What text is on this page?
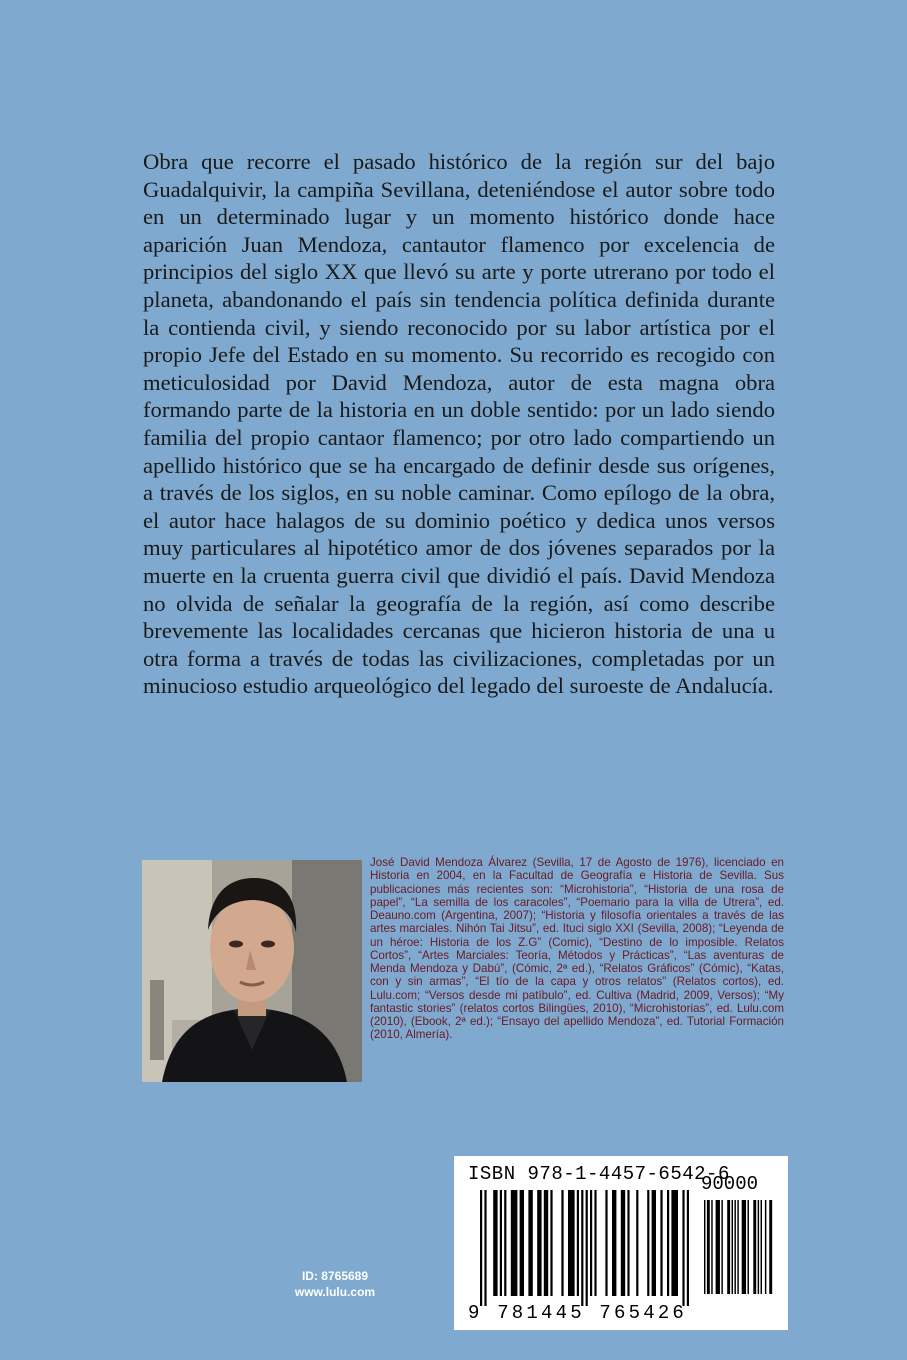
Obra que recorre el pasado histórico de la región sur del bajo Guadalquivir, la campiña Sevillana, deteniéndose el autor sobre todo en un determinado lugar y un momento histórico donde hace aparición Juan Mendoza, cantautor flamenco por excelencia de principios del siglo XX que llevó su arte y porte utrerano por todo el planeta, abandonando el país sin tendencia política definida durante la contienda civil, y siendo reconocido por su labor artística por el propio Jefe del Estado en su momento. Su recorrido es recogido con meticulosidad por David Mendoza, autor de esta magna obra formando parte de la historia en un doble sentido: por un lado siendo familia del propio cantaor flamenco; por otro lado compartiendo un apellido histórico que se ha encargado de definir desde sus orígenes, a través de los siglos, en su noble caminar. Como epílogo de la obra, el autor hace halagos de su dominio poético y dedica unos versos muy particulares al hipotético amor de dos jóvenes separados por la muerte en la cruenta guerra civil que dividió el país. David Mendoza no olvida de señalar la geografía de la región, así como describe brevemente las localidades cercanas que hicieron historia de una u otra forma a través de todas las civilizaciones, completadas por un minucioso estudio arqueológico del legado del suroeste de Andalucía.

José David Mendoza Álvarez (Sevilla, 17 de Agosto de 1976), licenciado en Historia en 2004, en la Facultad de Geografía e Historia de Sevilla. Sus publicaciones más recientes son: “Microhistoria”, “Historia de una rosa de papel”, “La semilla de los caracoles”, “Poemario para la villa de Utrera”, ed. Deauno.com (Argentina, 2007); “Historia y filosofía orientales a través de las artes marciales. Nihón Tai Jitsu”, ed. Ituci siglo XXI (Sevilla, 2008); “Leyenda de un héroe: Historia de los Z.G” (Comic), “Destino de lo imposible. Relatos Cortos”, “Artes Marciales: Teoría, Métodos y Prácticas”, “Las aventuras de Menda Mendoza y Dabú”, (Cómic, 2ª ed.), “Relatos Gráficos” (Cómic), “Katas, con y sin armas”, “El tío de la capa y otros relatos” (Relatos cortos), ed. Lulu.com; “Versos desde mi patíbulo”, ed. Cultiva (Madrid, 2009, Versos); “My fantastic stories” (relatos cortos Bilingües, 2010), “Microhistorias”, ed. Lulu.com (2010), (Ebook, 2ª ed.); “Ensayo del apellido Mendoza”, ed. Tutorial Formación (2010, Almería).

ISBN 978-1-4457-6542-6
90000
9 781445 765426
ID: 8765689
www.lulu.com
